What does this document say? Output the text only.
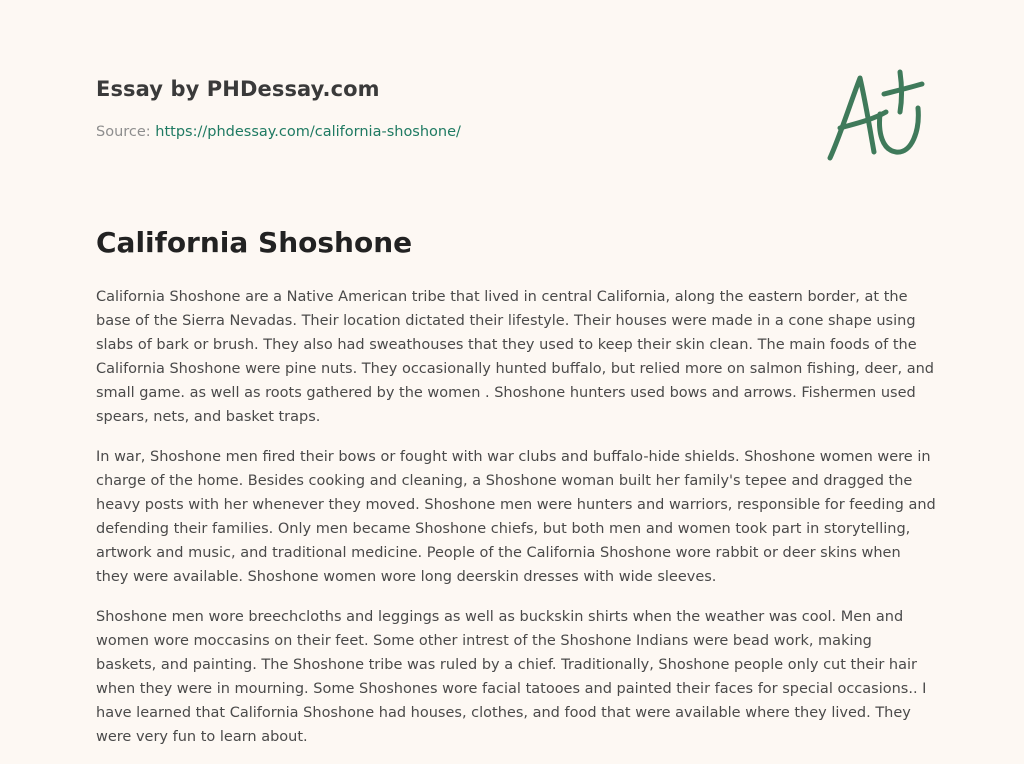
Essay by PHDessay.com
Source: https://phdessay.com/california-shoshone/
California Shoshone

California Shoshone are a Native American tribe that lived in central California, along the eastern border, at the base of the Sierra Nevadas. Their location dictated their lifestyle. Their houses were made in a cone shape using slabs of bark or brush. They also had sweathouses that they used to keep their skin clean. The main foods of the California Shoshone were pine nuts. They occasionally hunted buffalo, but relied more on salmon fishing, deer, and small game. as well as roots gathered by the women . Shoshone hunters used bows and arrows. Fishermen used spears, nets, and basket traps.

In war, Shoshone men fired their bows or fought with war clubs and buffalo-hide shields. Shoshone women were in charge of the home. Besides cooking and cleaning, a Shoshone woman built her family's tepee and dragged the heavy posts with her whenever they moved. Shoshone men were hunters and warriors, responsible for feeding and defending their families. Only men became Shoshone chiefs, but both men and women took part in storytelling, artwork and music, and traditional medicine. People of the California Shoshone wore rabbit or deer skins when they were available. Shoshone women wore long deerskin dresses with wide sleeves.

Shoshone men wore breechcloths and leggings as well as buckskin shirts when the weather was cool. Men and women wore moccasins on their feet. Some other intrest of the Shoshone Indians were bead work, making baskets, and painting. The Shoshone tribe was ruled by a chief. Traditionally, Shoshone people only cut their hair when they were in mourning. Some Shoshones wore facial tatooes and painted their faces for special occasions.. I have learned that California Shoshone had houses, clothes, and food that were available where they lived. They were very fun to learn about.
